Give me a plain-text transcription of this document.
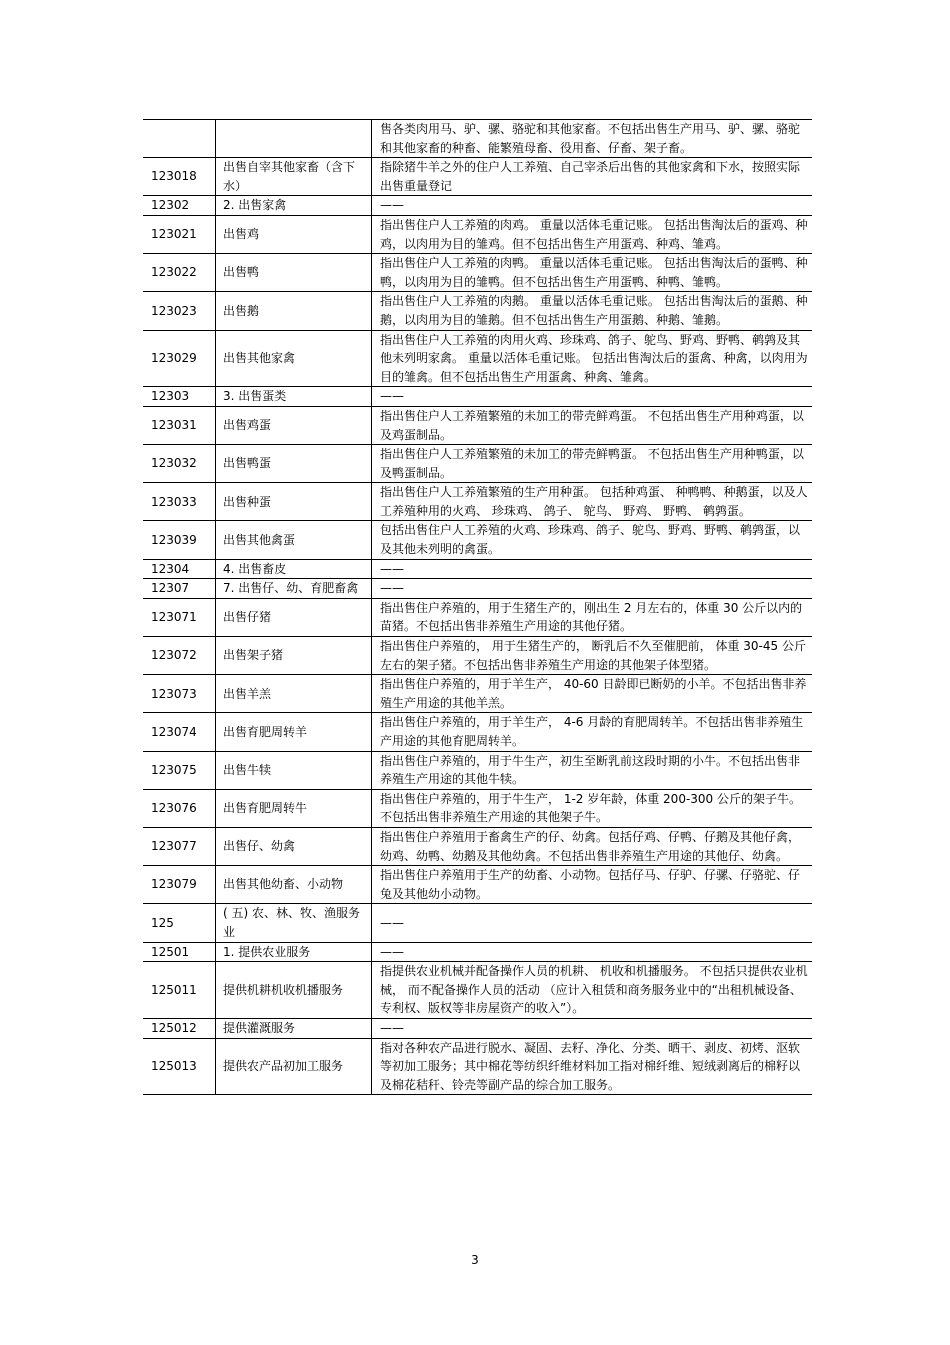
		售各类肉用马、驴、骡、骆驼和其他家畜。不包括出售生产用马、驴、骡、骆驼和其他家畜的种畜、能繁殖母畜、役用畜、仔畜、架子畜。
123018	出售自宰其他家畜（含下水）	指除猪牛羊之外的住户人工养殖、自己宰杀后出售的其他家禽和下水，按照实际出售重量登记
12302	2. 出售家禽	——
123021	出售鸡	指出售住户人工养殖的肉鸡。 重量以活体毛重记账。 包括出售淘汰后的蛋鸡、种鸡，以肉用为目的雏鸡。但不包括出售生产用蛋鸡、种鸡、雏鸡。
123022	出售鸭	指出售住户人工养殖的肉鸭。 重量以活体毛重记账。 包括出售淘汰后的蛋鸭、种鸭，以肉用为目的雏鸭。但不包括出售生产用蛋鸭、种鸭、雏鸭。
123023	出售鹅	指出售住户人工养殖的肉鹅。 重量以活体毛重记账。 包括出售淘汰后的蛋鹅、种鹅，以肉用为目的雏鹅。但不包括出售生产用蛋鹅、种鹅、雏鹅。
123029	出售其他家禽	指出售住户人工养殖的肉用火鸡、珍珠鸡、鸽子、鸵鸟、野鸡、野鸭、鹌鹑及其他未列明家禽。 重量以活体毛重记账。 包括出售淘汰后的蛋禽、种禽，以肉用为目的雏禽。但不包括出售生产用蛋禽、种禽、雏禽。
12303	3. 出售蛋类	——
123031	出售鸡蛋	指出售住户人工养殖繁殖的未加工的带壳鲜鸡蛋。 不包括出售生产用种鸡蛋，以及鸡蛋制品。
123032	出售鸭蛋	指出售住户人工养殖繁殖的未加工的带壳鲜鸭蛋。 不包括出售生产用种鸭蛋，以及鸭蛋制品。
123033	出售种蛋	指出售住户人工养殖繁殖的生产用种蛋。 包括种鸡蛋、 种鸭鸭、种鹅蛋，以及人工养殖种用的火鸡、 珍珠鸡、 鸽子、 鸵鸟、 野鸡、 野鸭、 鹌鹑蛋。
123039	出售其他禽蛋	包括出售住户人工养殖的火鸡、珍珠鸡、鸽子、鸵鸟、野鸡、野鸭、鹌鹑蛋，以及其他未列明的禽蛋。
12304	4. 出售畜皮	——
12307	7. 出售仔、幼、育肥畜禽	——
123071	出售仔猪	指出售住户养殖的，用于生猪生产的，刚出生 2 月左右的，体重 30 公斤以内的苗猪。不包括出售非养殖生产用途的其他仔猪。
123072	出售架子猪	指出售住户养殖的， 用于生猪生产的， 断乳后不久至催肥前， 体重 30-45 公斤左右的架子猪。不包括出售非养殖生产用途的其他架子体型猪。
123073	出售羊羔	指出售住户养殖的，用于羊生产， 40-60 日龄即已断奶的小羊。不包括出售非养殖生产用途的其他羊羔。
123074	出售育肥周转羊	指出售住户养殖的，用于羊生产， 4-6 月龄的育肥周转羊。不包括出售非养殖生产用途的其他育肥周转羊。
123075	出售牛犊	指出售住户养殖的，用于牛生产，初生至断乳前这段时期的小牛。不包括出售非养殖生产用途的其他牛犊。
123076	出售育肥周转牛	指出售住户养殖的，用于牛生产， 1-2 岁年龄，体重 200-300 公斤的架子牛。不包括出售非养殖生产用途的其他架子牛。
123077	出售仔、幼禽	指出售住户养殖用于畜禽生产的仔、幼禽。包括仔鸡、仔鸭、仔鹅及其他仔禽，幼鸡、幼鸭、幼鹅及其他幼禽。不包括出售非养殖生产用途的其他仔、幼禽。
123079	出售其他幼畜、小动物	指出售住户养殖用于生产的幼畜、小动物。包括仔马、仔驴、仔骡、仔骆驼、仔兔及其他幼小动物。
125	( 五) 农、林、牧、渔服务业	——
12501	1. 提供农业服务	——
125011	提供机耕机收机播服务	指提供农业机械并配备操作人员的机耕、 机收和机播服务。 不包括只提供农业机械， 而不配备操作人员的活动 （应计入租赁和商务服务业中的“出租机械设备、专利权、版权等非房屋资产的收入”）。
125012	提供灌溉服务	——
125013	提供农产品初加工服务	指对各种农产品进行脱水、凝固、去籽、净化、分类、晒干、剥皮、初烤、沤软等初加工服务；其中棉花等纺织纤维材料加工指对棉纤维、短绒剥离后的棉籽以及棉花秸秆、铃壳等副产品的综合加工服务。
3
